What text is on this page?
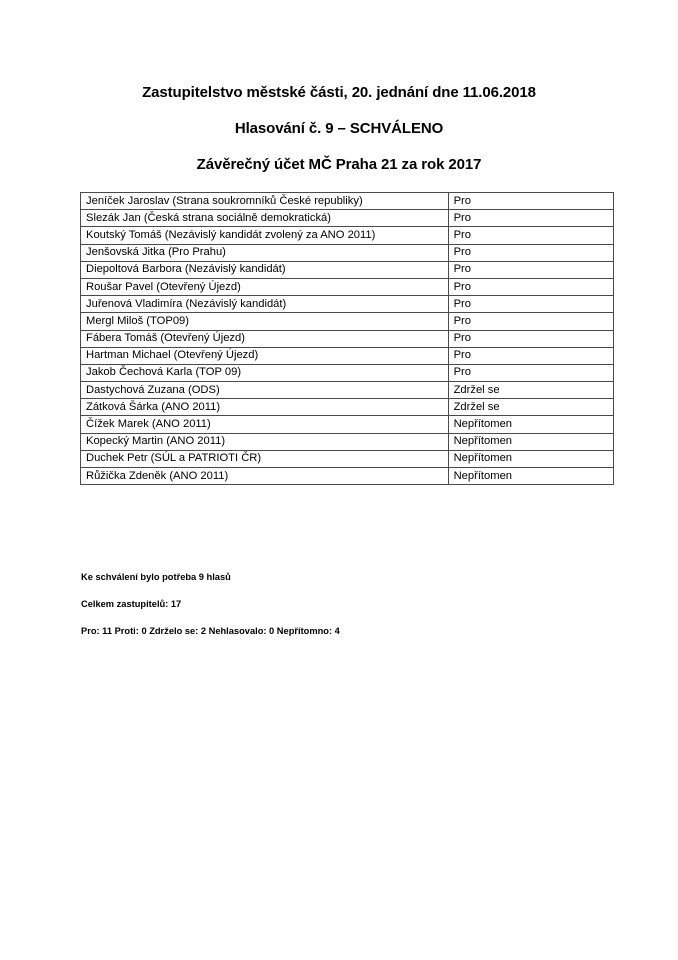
Zastupitelstvo městské části, 20. jednání dne 11.06.2018
Hlasování č. 9 – SCHVÁLENO
Závěrečný účet MČ Praha 21 za rok 2017
Jeníček Jaroslav (Strana soukromníků České republiky)	Pro
Slezák Jan (Česká strana sociálně demokratická)	Pro
Koutský Tomáš (Nezávislý kandidát zvolený za ANO 2011)	Pro
Jenšovská Jitka (Pro Prahu)	Pro
Diepoltová Barbora (Nezávislý kandidát)	Pro
Roušar Pavel (Otevřený Újezd)	Pro
Juřenová Vladimíra (Nezávislý kandidát)	Pro
Mergl Miloš (TOP09)	Pro
Fábera Tomáš (Otevřený Újezd)	Pro
Hartman Michael (Otevřený Újezd)	Pro
Jakob Čechová Karla (TOP 09)	Pro
Dastychová Zuzana (ODS)	Zdržel se
Zátková Šárka (ANO 2011)	Zdržel se
Čížek Marek (ANO 2011)	Nepřítomen
Kopecký Martin (ANO 2011)	Nepřítomen
Duchek Petr (SÚL a PATRIOTI ČR)	Nepřítomen
Růžička Zdeněk (ANO 2011)	Nepřítomen
Ke schválení bylo potřeba 9 hlasů
Celkem zastupitelů: 17
Pro: 11 Proti: 0 Zdrželo se: 2 Nehlasovalo: 0 Nepřítomno: 4
